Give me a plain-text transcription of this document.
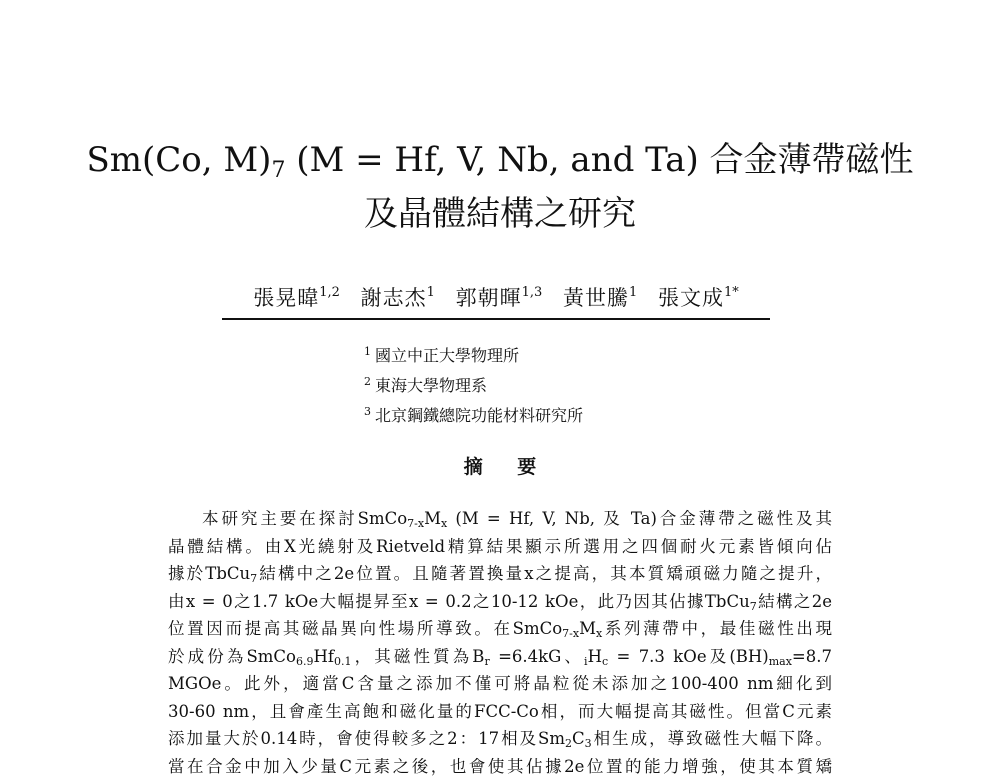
Sm(Co, $M)_7$ (M = Hf, V, Nb, and Ta) 合金薄帶磁性
及晶體結構之研究
張晃暐$^{1,2}$ 謝志杰$^1$ 郭朝暉$^{1,3}$ 黃世騰$^1$ 張文成$^{1*}$
$^1$ 國立中正大學物理所
$^2$ 東海大學物理系
$^3$ 北京鋼鐵總院功能材料研究所
摘 要
本研究主要在探討$SmCo_{7-x}M_x$ (M = Hf, V, Nb, 及 Ta)合金薄帶之磁性及其
晶體結構。由X光繞射及Rietveld精算結果顯示所選用之四個耐火元素皆傾向佔
據於TbCu$_7$結構中之2e位置。且隨著置換量x之提高，其本質矯頑磁力隨之提升，
由x = 0之1.7 kOe大幅提昇至x = 0.2之10-12 kOe，此乃因其佔據TbCu$_7$結構之2e
位置因而提高其磁晶異向性場所導致。在$SmCo_{7-x}M_x$系列薄帶中，最佳磁性出現
於成份為$SmCo_{6.9}Hf_{0.1}$，其磁性質為$B_r =6.4kG$、$_iH_c = 7.3$ kOe及$(BH)_{max}=8.7$
MGOe。此外，適當C含量之添加不僅可將晶粒從未添加之100-400 nm細化到
30-60 nm，且會產生高飽和磁化量的FCC-Co相，而大幅提高其磁性。但當C元素
添加量大於0.14時，會使得較多之2：17相及$Sm_2C_3$相生成，導致磁性大幅下降。
當在合金中加入少量C元素之後，也會使其佔據2e位置的能力增強，使其本質矯
